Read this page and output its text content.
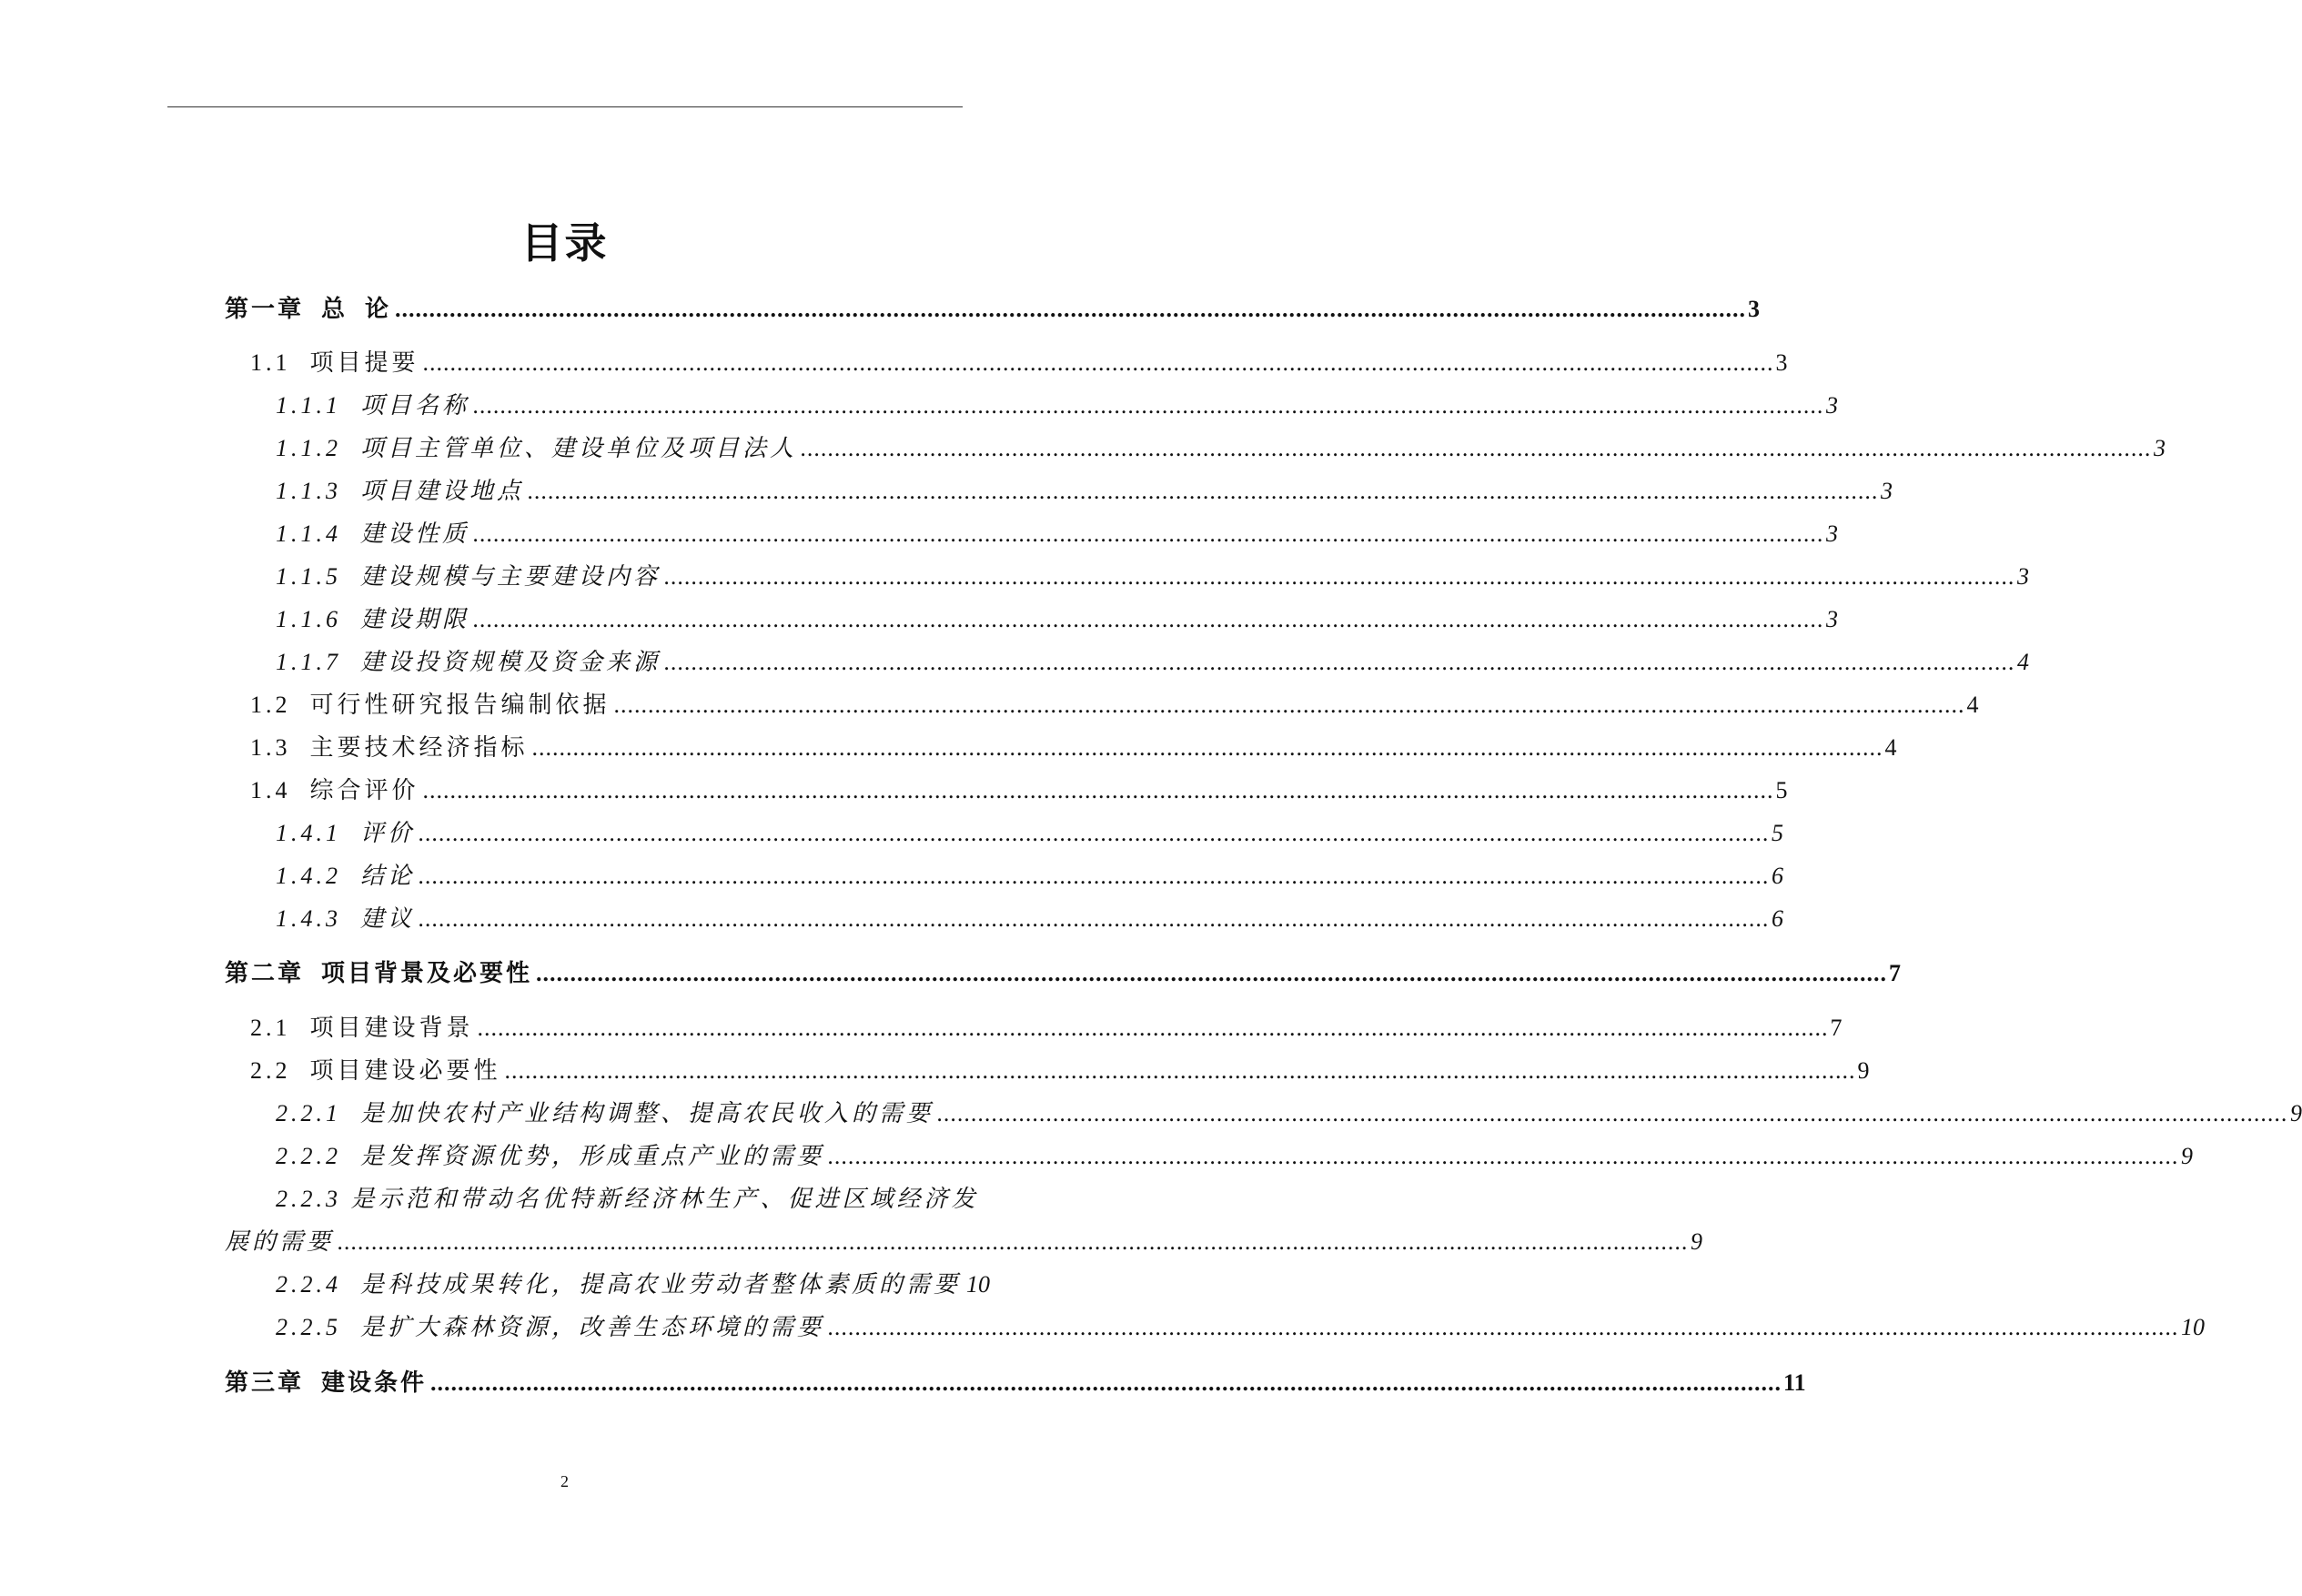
目录
第一章  总  论 ...................................................................................................................................................................................................... 3
1.1  项目提要 ...................................................................................................................................................................................................... 3
1.1.1  项目名称 ...................................................................................................................................................................................................... 3
1.1.2  项目主管单位、建设单位及项目法人 ...................................................................................................................................................................................................... 3
1.1.3  项目建设地点 ...................................................................................................................................................................................................... 3
1.1.4  建设性质 ...................................................................................................................................................................................................... 3
1.1.5  建设规模与主要建设内容 ...................................................................................................................................................................................................... 3
1.1.6  建设期限 ...................................................................................................................................................................................................... 3
1.1.7  建设投资规模及资金来源 ...................................................................................................................................................................................................... 4
1.2  可行性研究报告编制依据 ...................................................................................................................................................................................................... 4
1.3  主要技术经济指标 ...................................................................................................................................................................................................... 4
1.4  综合评价 ...................................................................................................................................................................................................... 5
1.4.1  评价 ...................................................................................................................................................................................................... 5
1.4.2  结论 ...................................................................................................................................................................................................... 6
1.4.3  建议 ...................................................................................................................................................................................................... 6
第二章  项目背景及必要性 ...................................................................................................................................................................................................... 7
2.1  项目建设背景 ...................................................................................................................................................................................................... 7
2.2  项目建设必要性 ...................................................................................................................................................................................................... 9
2.2.1  是加快农村产业结构调整、提高农民收入的需要 ...................................................................................................................................................................................................... 9
2.2.2  是发挥资源优势，形成重点产业的需要 ...................................................................................................................................................................................................... 9
2.2.3 是示范和带动名优特新经济林生产、促进区域经济发
展的需要 ...................................................................................................................................................................................................... 9
2.2.4  是科技成果转化，提高农业劳动者整体素质的需要 10
2.2.5  是扩大森林资源，改善生态环境的需要 ...................................................................................................................................................................................................... 10
第三章  建设条件 ...................................................................................................................................................................................................... 11
2
